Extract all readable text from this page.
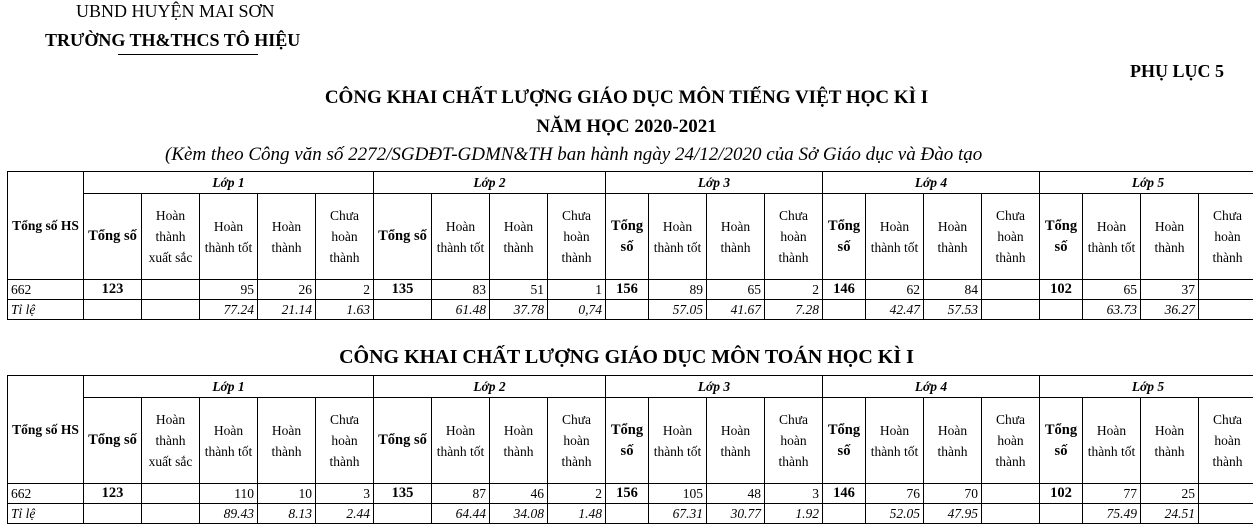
UBND HUYỆN MAI SƠN
TRƯỜNG TH&THCS TÔ HIỆU
PHỤ LỤC 5
CÔNG KHAI CHẤT LƯỢNG GIÁO DỤC MÔN TIẾNG VIỆT HỌC KÌ I
NĂM HỌC 2020-2021
(Kèm theo Công văn số 2272/SGDĐT-GDMN&TH ban hành ngày 24/12/2020 của Sở Giáo dục và Đào tạo
CÔNG KHAI CHẤT LƯỢNG GIÁO DỤC MÔN TOÁN HỌC KÌ I
Tổng số HS	Lớp 1					Lớp 2				Lớp 3				Lớp 4				Lớp 5			
	Tổng số	Hoàn thành xuất sắc	Hoàn thành tốt	Hoàn thành	Chưa hoàn thành	Tổng số	Hoàn thành tốt	Hoàn thành	Chưa hoàn thành	Tổng số	Hoàn thành tốt	Hoàn thành	Chưa hoàn thành	Tổng số	Hoàn thành tốt	Hoàn thành	Chưa hoàn thành	Tổng số	Hoàn thành tốt	Hoàn thành	Chưa hoàn thành
662	123		95	26	2	135	83	51	1	156	89	65	2	146	62	84		102	65	37	
Tỉ lệ			77.24	21.14	1.63		61.48	37.78	0,74		57.05	41.67	7.28		42.47	57.53			63.73	36.27	
Tổng số HS	Lớp 1					Lớp 2				Lớp 3				Lớp 4				Lớp 5			
	Tổng số	Hoàn thành xuất sắc	Hoàn thành tốt	Hoàn thành	Chưa hoàn thành	Tổng số	Hoàn thành tốt	Hoàn thành	Chưa hoàn thành	Tổng số	Hoàn thành tốt	Hoàn thành	Chưa hoàn thành	Tổng số	Hoàn thành tốt	Hoàn thành	Chưa hoàn thành	Tổng số	Hoàn thành tốt	Hoàn thành	Chưa hoàn thành
662	123		110	10	3	135	87	46	2	156	105	48	3	146	76	70		102	77	25	
Tỉ lệ			89.43	8.13	2.44		64.44	34.08	1.48		67.31	30.77	1.92		52.05	47.95			75.49	24.51	
